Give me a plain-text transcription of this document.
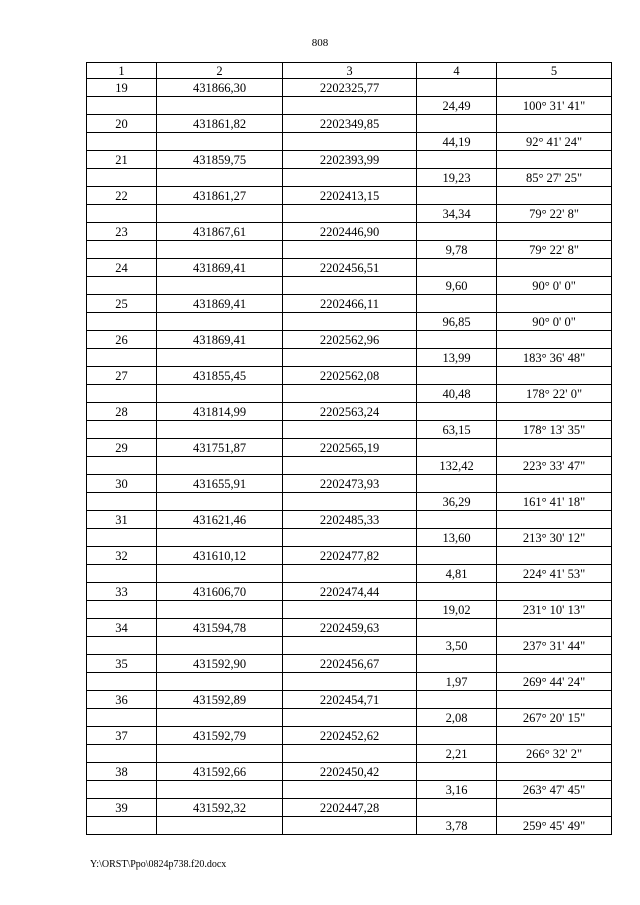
808
1	2	3	4	5
19	431866,30	2202325,77		
			24,49	100° 31' 41"
20	431861,82	2202349,85		
			44,19	92° 41' 24"
21	431859,75	2202393,99		
			19,23	85° 27' 25"
22	431861,27	2202413,15		
			34,34	79° 22' 8"
23	431867,61	2202446,90		
			9,78	79° 22' 8"
24	431869,41	2202456,51		
			9,60	90° 0' 0"
25	431869,41	2202466,11		
			96,85	90° 0' 0"
26	431869,41	2202562,96		
			13,99	183° 36' 48"
27	431855,45	2202562,08		
			40,48	178° 22' 0"
28	431814,99	2202563,24		
			63,15	178° 13' 35"
29	431751,87	2202565,19		
			132,42	223° 33' 47"
30	431655,91	2202473,93		
			36,29	161° 41' 18"
31	431621,46	2202485,33		
			13,60	213° 30' 12"
32	431610,12	2202477,82		
			4,81	224° 41' 53"
33	431606,70	2202474,44		
			19,02	231° 10' 13"
34	431594,78	2202459,63		
			3,50	237° 31' 44"
35	431592,90	2202456,67		
			1,97	269° 44' 24"
36	431592,89	2202454,71		
			2,08	267° 20' 15"
37	431592,79	2202452,62		
			2,21	266° 32' 2"
38	431592,66	2202450,42		
			3,16	263° 47' 45"
39	431592,32	2202447,28		
			3,78	259° 45' 49"
Y:\ORST\Ppo\0824p738.f20.docx
